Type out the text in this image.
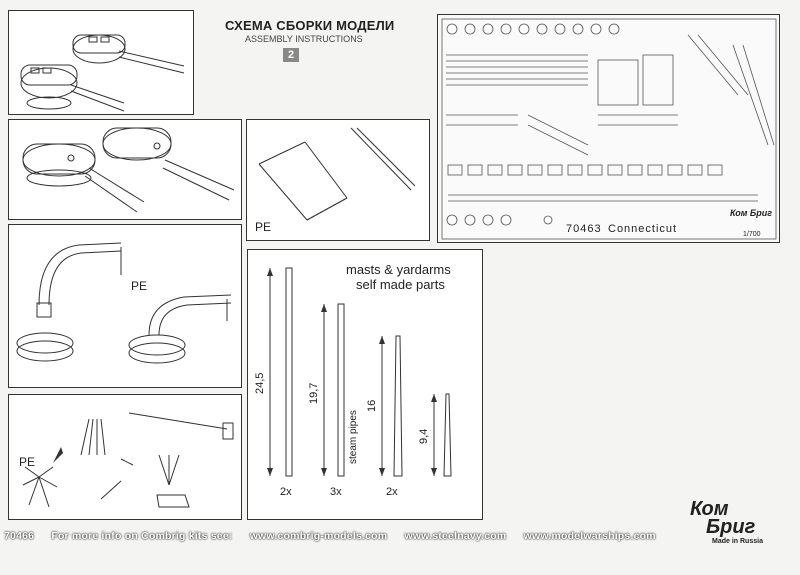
СХЕМА СБОРКИ МОДЕЛИ
ASSEMBLY INSTRUCTIONS
2
PE
PE
PE
70463 Connecticut	1/700
Ком Бриг
masts & yardarms
self made parts
24,5	19,7
steam pipes
16
9,4
2x	3x	2x
Ком
Бриг
Made in Russia
70466 For more info on Combrig kits see: www.combrig-models.com www.steelnavy.com www.modelwarships.com
